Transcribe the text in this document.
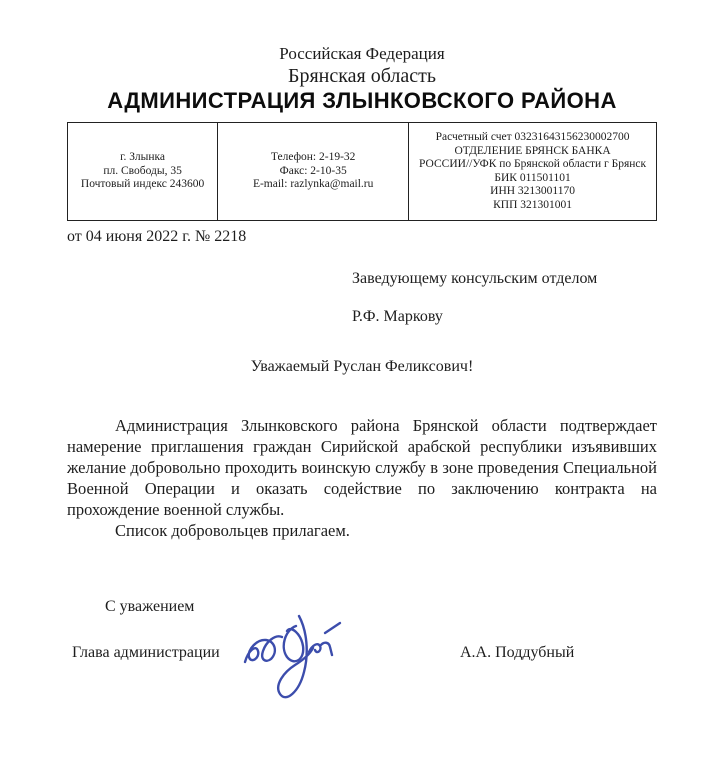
Российская Федерация
Брянская область
АДМИНИСТРАЦИЯ ЗЛЫНКОВСКОГО РАЙОНА
г. Злынка
пл. Свободы, 35
Почтовый индекс 243600

Телефон: 2-19-32
Факс: 2-10-35
E-mail: razlynka@mail.ru

Расчетный счет 03231643156230002700
ОТДЕЛЕНИЕ БРЯНСК БАНКА
РОССИИ//УФК по Брянской области г Брянск
БИК 011501101
ИНН 3213001170
КПП 321301001
от 04 июня 2022 г. № 2218
Заведующему консульским отделом
Р.Ф. Маркову
Уважаемый Руслан Феликсович!

Администрация Злынковского района Брянской области подтверждает намерение приглашения граждан Сирийской арабской республики изъявивших желание добровольно проходить воинскую службу в зоне проведения Специальной Военной Операции и оказать содействие по заключению контракта на прохождение военной службы.

Список добровольцев прилагаем.

С уважением
Глава администрации	А.А. Поддубный
